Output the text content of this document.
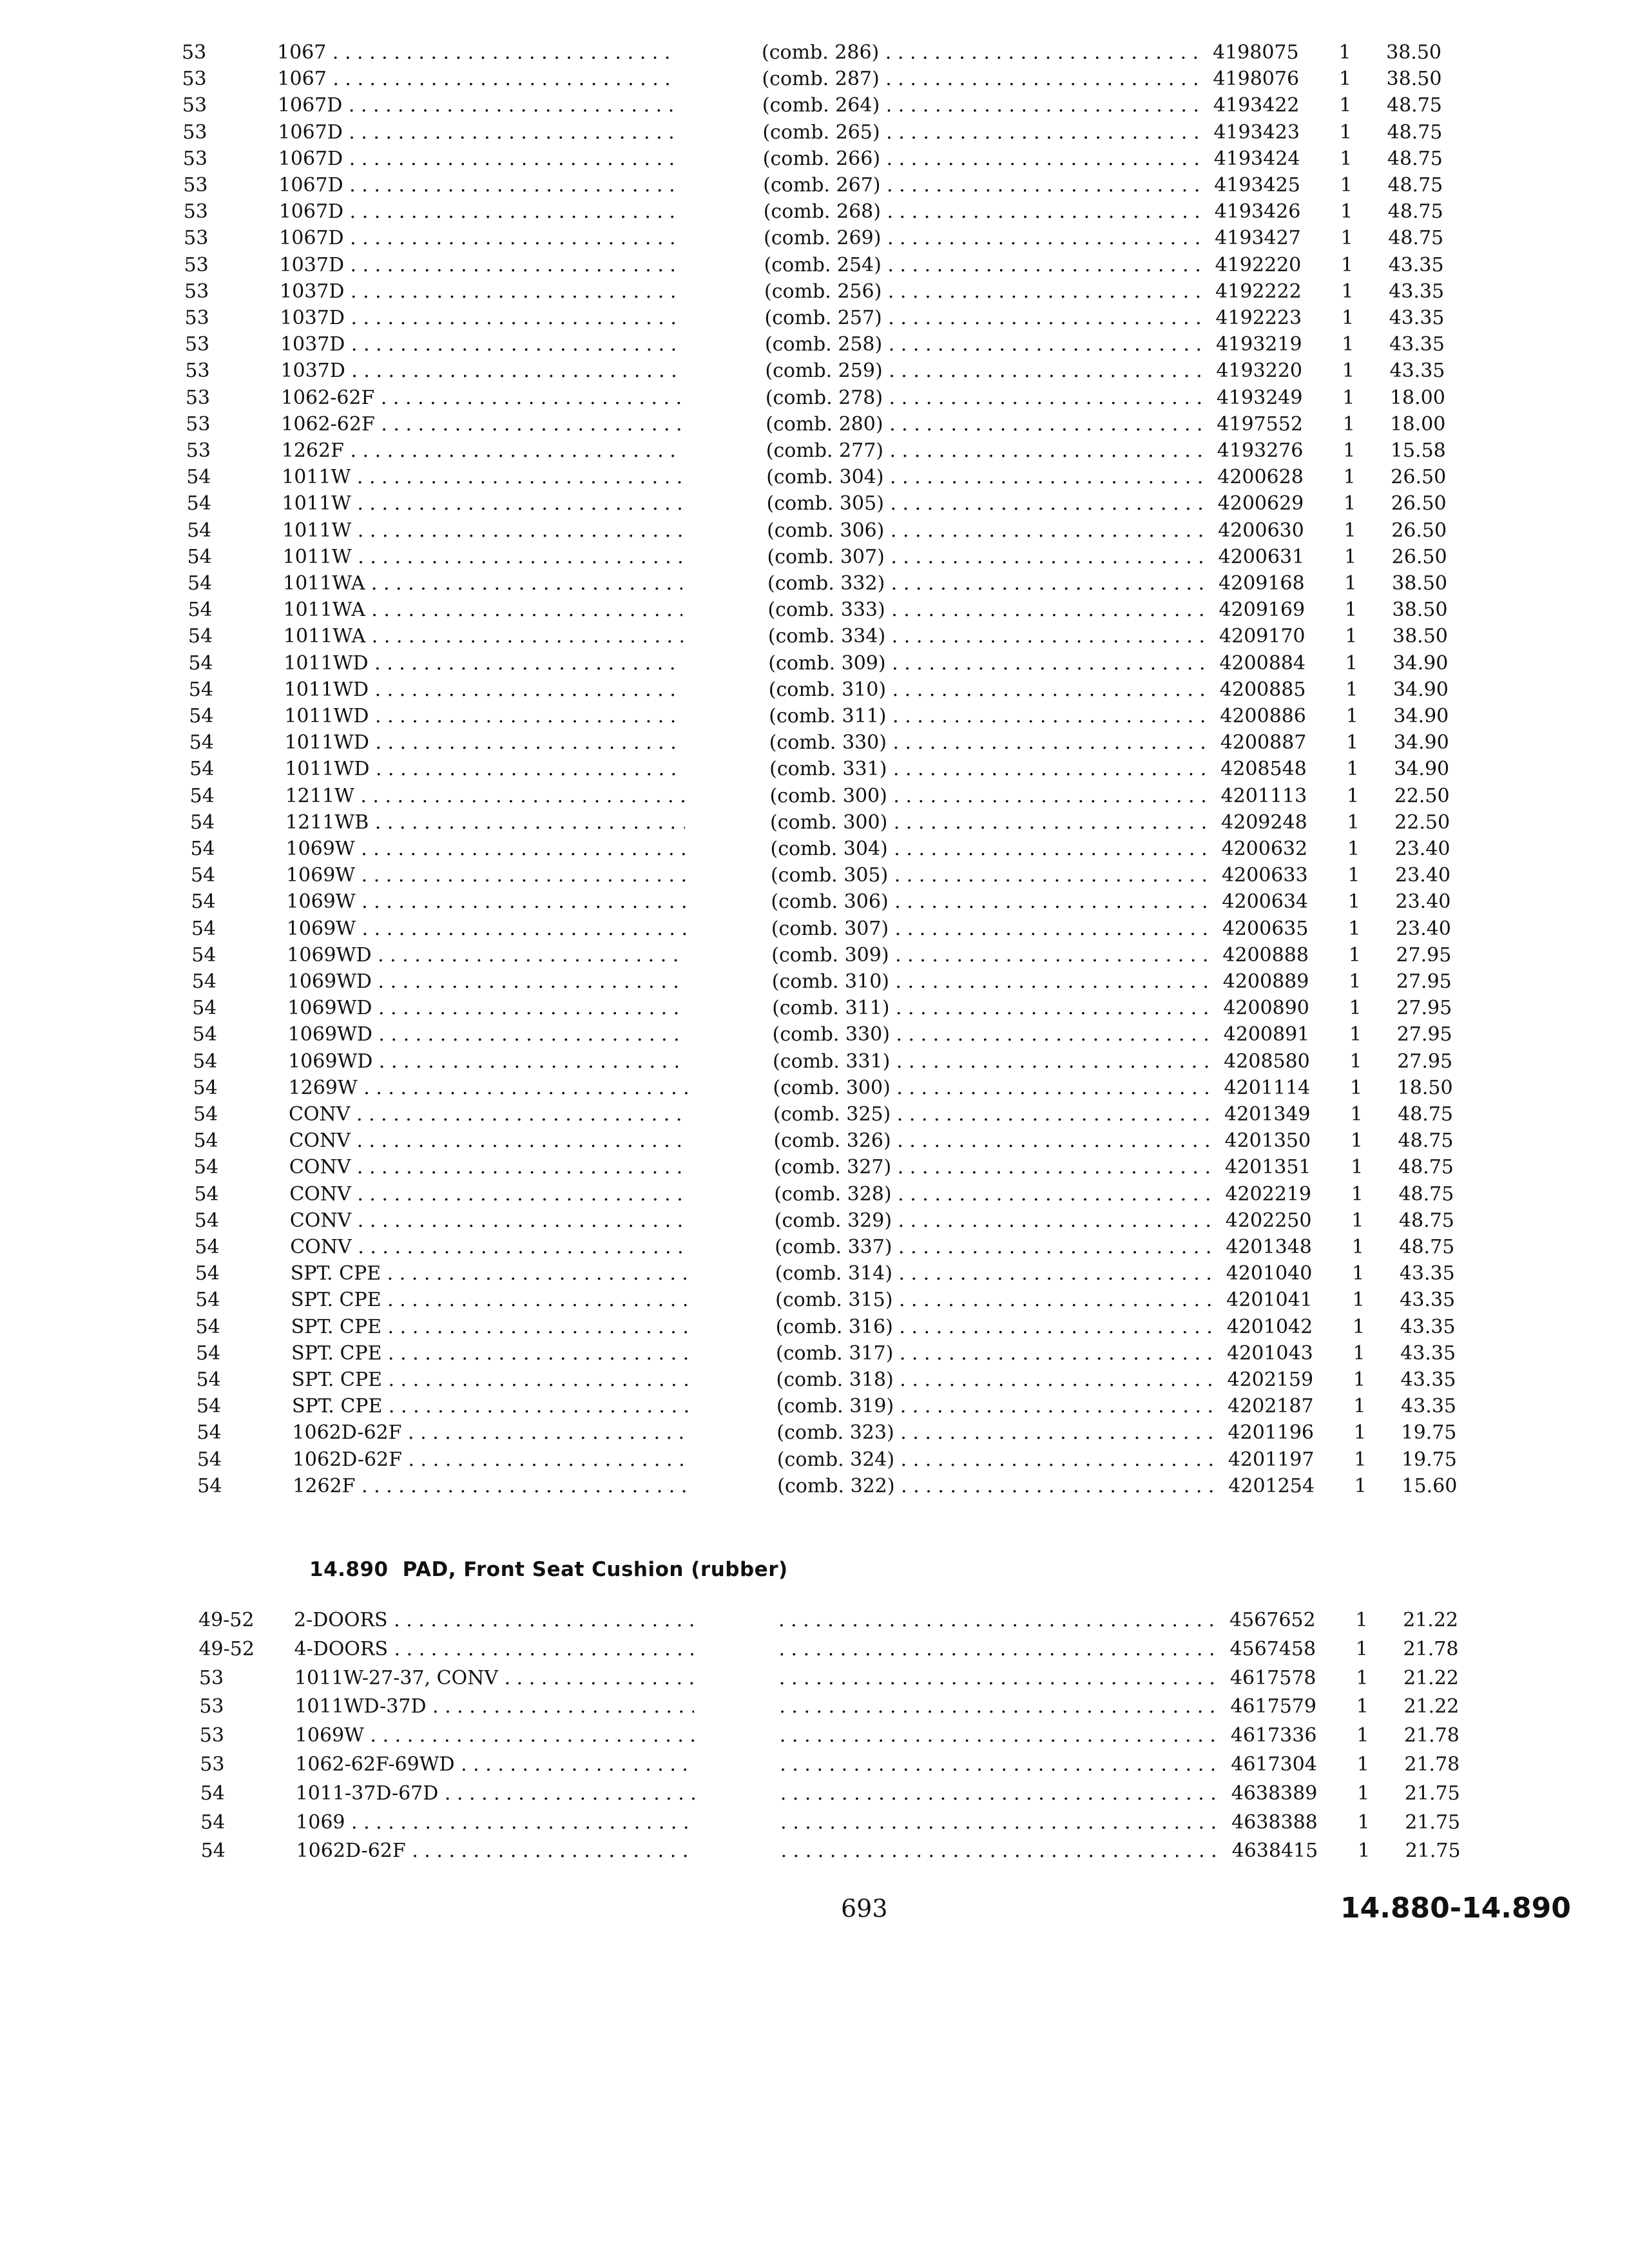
53	1067 . . .	(comb. 286) . . .	4198075	1	38.50
53	1067 . . .	(comb. 287) . . .	4198076	1	38.50
53	1067D . . .	(comb. 264) . . .	4193422	1	48.75
53	1067D . . .	(comb. 265) . . .	4193423	1	48.75
53	1067D . . .	(comb. 266) . . .	4193424	1	48.75
53	1067D . . .	(comb. 267) . . .	4193425	1	48.75
53	1067D . . .	(comb. 268) . . .	4193426	1	48.75
53	1067D . . .	(comb. 269) . . .	4193427	1	48.75
53	1037D . . .	(comb. 254) . . .	4192220	1	43.35
53	1037D . . .	(comb. 256) . . .	4192222	1	43.35
53	1037D . . .	(comb. 257) . . .	4192223	1	43.35
53	1037D . . .	(comb. 258) . . .	4193219	1	43.35
53	1037D . . .	(comb. 259) . . .	4193220	1	43.35
53	1062-62F . . .	(comb. 278) . . .	4193249	1	18.00
53	1062-62F . . .	(comb. 280) . . .	4197552	1	18.00
53	1262F . . .	(comb. 277) . . .	4193276	1	15.58
54	1011W . . .	(comb. 304) . . .	4200628	1	26.50
54	1011W . . .	(comb. 305) . . .	4200629	1	26.50
54	1011W . . .	(comb. 306) . . .	4200630	1	26.50
54	1011W . . .	(comb. 307) . . .	4200631	1	26.50
54	1011WA . . .	(comb. 332) . . .	4209168	1	38.50
54	1011WA . . .	(comb. 333) . . .	4209169	1	38.50
54	1011WA . . .	(comb. 334) . . .	4209170	1	38.50
54	1011WD . . .	(comb. 309) . . .	4200884	1	34.90
54	1011WD . . .	(comb. 310) . . .	4200885	1	34.90
54	1011WD . . .	(comb. 311) . . .	4200886	1	34.90
54	1011WD . . .	(comb. 330) . . .	4200887	1	34.90
54	1011WD . . .	(comb. 331) . . .	4208548	1	34.90
54	1211W . . .	(comb. 300) . . .	4201113	1	22.50
54	1211WB . . .	(comb. 300) . . .	4209248	1	22.50
54	1069W . . .	(comb. 304) . . .	4200632	1	23.40
54	1069W . . .	(comb. 305) . . .	4200633	1	23.40
54	1069W . . .	(comb. 306) . . .	4200634	1	23.40
54	1069W . . .	(comb. 307) . . .	4200635	1	23.40
54	1069WD . . .	(comb. 309) . . .	4200888	1	27.95
54	1069WD . . .	(comb. 310) . . .	4200889	1	27.95
54	1069WD . . .	(comb. 311) . . .	4200890	1	27.95
54	1069WD . . .	(comb. 330) . . .	4200891	1	27.95
54	1069WD . . .	(comb. 331) . . .	4208580	1	27.95
54	1269W . . .	(comb. 300) . . .	4201114	1	18.50
54	CONV . . .	(comb. 325) . . .	4201349	1	48.75
54	CONV . . .	(comb. 326) . . .	4201350	1	48.75
54	CONV . . .	(comb. 327) . . .	4201351	1	48.75
54	CONV . . .	(comb. 328) . . .	4202219	1	48.75
54	CONV . . .	(comb. 329) . . .	4202250	1	48.75
54	CONV . . .	(comb. 337) . . .	4201348	1	48.75
54	SPT. CPE . . .	(comb. 314) . . .	4201040	1	43.35
54	SPT. CPE . . .	(comb. 315) . . .	4201041	1	43.35
54	SPT. CPE . . .	(comb. 316) . . .	4201042	1	43.35
54	SPT. CPE . . .	(comb. 317) . . .	4201043	1	43.35
54	SPT. CPE . . .	(comb. 318) . . .	4202159	1	43.35
54	SPT. CPE . . .	(comb. 319) . . .	4202187	1	43.35
54	1062D-62F . . .	(comb. 323) . . .	4201196	1	19.75
54	1062D-62F . . .	(comb. 324) . . .	4201197	1	19.75
54	1262F . . .	(comb. 322) . . .	4201254	1	15.60
14.890 PAD, Front Seat Cushion (rubber)
49-52	2-DOORS . . . . . .	4567652	1	21.22
49-52	4-DOORS . . . . . .	4567458	1	21.78
53	1011W-27-37, CONV . . . . . .	4617578	1	21.22
53	1011WD-37D . . . . . .	4617579	1	21.22
53	1069W . . . . . .	4617336	1	21.78
53	1062-62F-69WD . . . . . .	4617304	1	21.78
54	1011-37D-67D . . . . . .	4638389	1	21.75
54	1069 . . . . . .	4638388	1	21.75
54	1062D-62F . . . . . .	4638415	1	21.75
693	14.880-14.890
